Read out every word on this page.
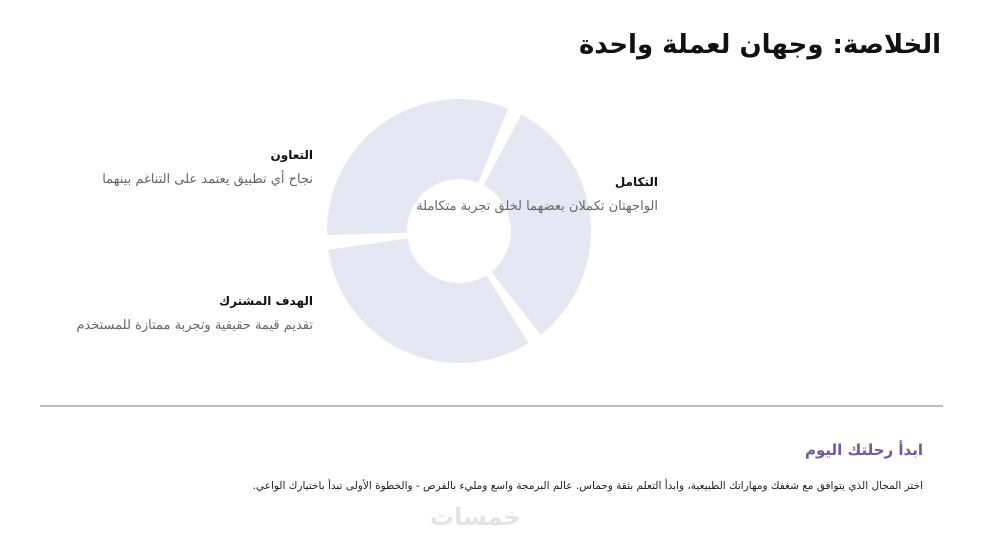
الخلاصة: وجهان لعملة واحدة
التعاون

نجاح أي تطبيق يعتمد على التناغم بينهما

الهدف المشترك

تقديم قيمة حقيقية وتجربة ممتازة للمستخدم

التكامل

الواجهتان تكملان بعضهما لخلق تجربة متكاملة

ابدأ رحلتك اليوم

اختر المجال الذي يتوافق مع شغفك ومهاراتك الطبيعية، وابدأ التعلم بثقة وحماس. عالم البرمجة واسع ومليء بالفرص - والخطوة الأولى تبدأ باختيارك الواعي.

خمسات
